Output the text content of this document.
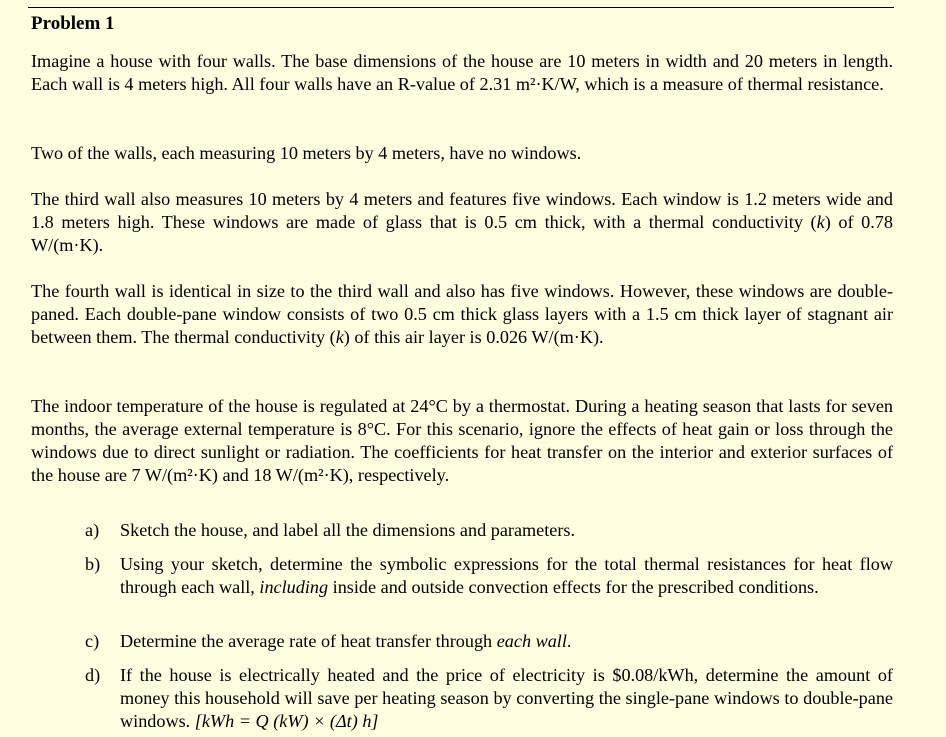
Problem 1

Imagine a house with four walls. The base dimensions of the house are 10 meters in width and 20 meters in length. Each wall is 4 meters high. All four walls have an R-value of 2.31 m²·K/W, which is a measure of thermal resistance.

Two of the walls, each measuring 10 meters by 4 meters, have no windows.

The third wall also measures 10 meters by 4 meters and features five windows. Each window is 1.2 meters wide and 1.8 meters high. These windows are made of glass that is 0.5 cm thick, with a thermal conductivity (k) of 0.78 W/(m·K).

The fourth wall is identical in size to the third wall and also has five windows. However, these windows are double-paned. Each double-pane window consists of two 0.5 cm thick glass layers with a 1.5 cm thick layer of stagnant air between them. The thermal conductivity (k) of this air layer is 0.026 W/(m·K).

The indoor temperature of the house is regulated at 24°C by a thermostat. During a heating season that lasts for seven months, the average external temperature is 8°C. For this scenario, ignore the effects of heat gain or loss through the windows due to direct sunlight or radiation. The coefficients for heat transfer on the interior and exterior surfaces of the house are 7 W/(m²·K) and 18 W/(m²·K), respectively.

a)	Sketch the house, and label all the dimensions and parameters.
b)	Using your sketch, determine the symbolic expressions for the total thermal resistances for heat flow through each wall, including inside and outside convection effects for the prescribed conditions.
c)	Determine the average rate of heat transfer through each wall.
d)	If the house is electrically heated and the price of electricity is $0.08/kWh, determine the amount of money this household will save per heating season by converting the single-pane windows to double-pane windows. [kWh = Q (kW) × (Δt) h]
